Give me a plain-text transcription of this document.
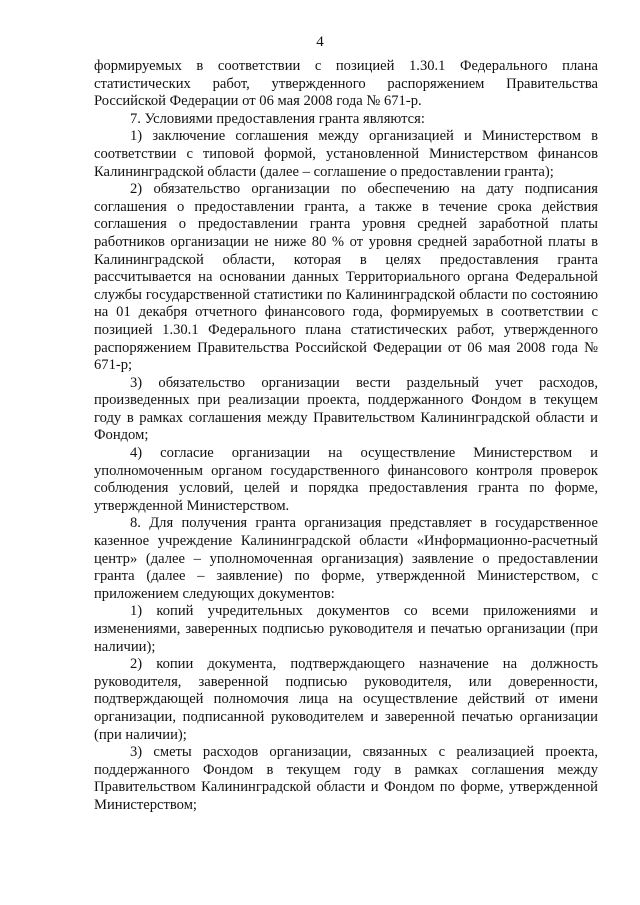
4

формируемых в соответствии с позицией 1.30.1 Федерального плана статистических работ, утвержденного распоряжением Правительства Российской Федерации от 06 мая 2008 года № 671-р.

7. Условиями предоставления гранта являются:

1) заключение соглашения между организацией и Министерством в соответствии с типовой формой, установленной Министерством финансов Калининградской области (далее – соглашение о предоставлении гранта);

2) обязательство организации по обеспечению на дату подписания соглашения о предоставлении гранта, а также в течение срока действия соглашения о предоставлении гранта уровня средней заработной платы работников организации не ниже 80 % от уровня средней заработной платы в Калининградской области, которая в целях предоставления гранта рассчитывается на основании данных Территориального органа Федеральной службы государственной статистики по Калининградской области по состоянию на 01 декабря отчетного финансового года, формируемых в соответствии с позицией 1.30.1 Федерального плана статистических работ, утвержденного распоряжением Правительства Российской Федерации от 06 мая 2008 года № 671-р;

3) обязательство организации вести раздельный учет расходов, произведенных при реализации проекта, поддержанного Фондом в текущем году в рамках соглашения между Правительством Калининградской области и Фондом;

4) согласие организации на осуществление Министерством и уполномоченным органом государственного финансового контроля проверок соблюдения условий, целей и порядка предоставления гранта по форме, утвержденной Министерством.

8. Для получения гранта организация представляет в государственное казенное учреждение Калининградской области «Информационно-расчетный центр» (далее – уполномоченная организация) заявление о предоставлении гранта (далее – заявление) по форме, утвержденной Министерством, с приложением следующих документов:

1) копий учредительных документов со всеми приложениями и изменениями, заверенных подписью руководителя и печатью организации (при наличии);

2) копии документа, подтверждающего назначение на должность руководителя, заверенной подписью руководителя, или доверенности, подтверждающей полномочия лица на осуществление действий от имени организации, подписанной руководителем и заверенной печатью организации (при наличии);

3) сметы расходов организации, связанных с реализацией проекта, поддержанного Фондом в текущем году в рамках соглашения между Правительством Калининградской области и Фондом по форме, утвержденной Министерством;
